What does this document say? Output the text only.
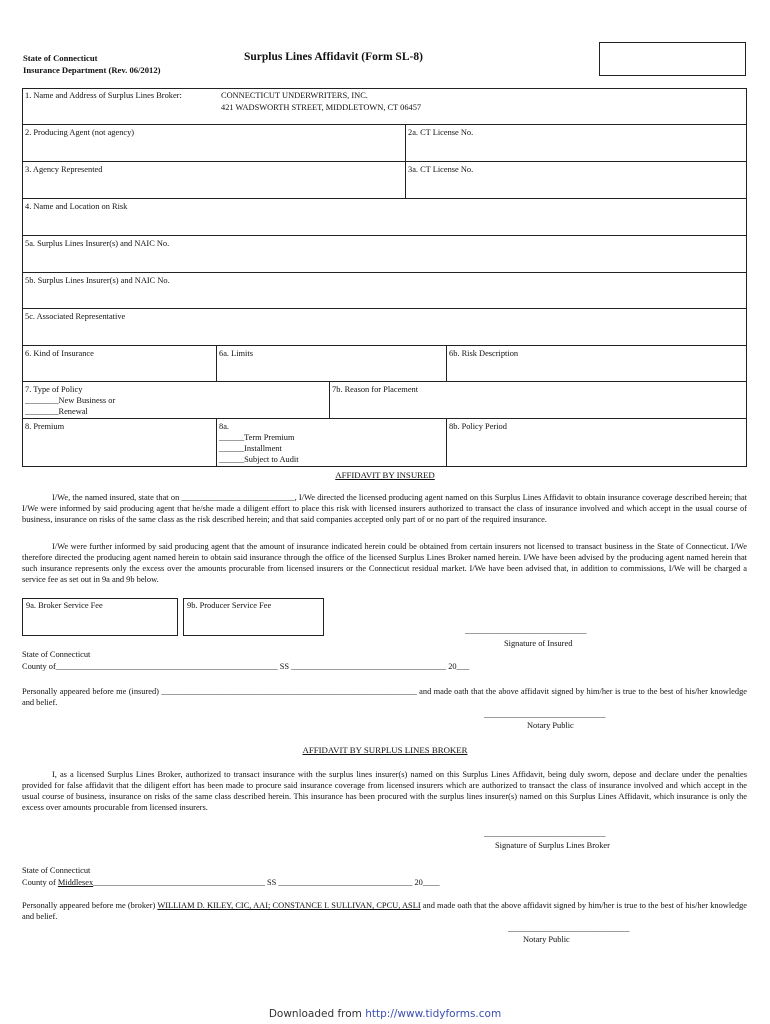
State of Connecticut
Insurance Department (Rev. 06/2012)
Surplus Lines Affidavit (Form SL-8)
1. Name and Address of Surplus Lines Broker:	CONNECTICUT UNDERWRITERS, INC.
421 WADSWORTH STREET, MIDDLETOWN, CT 06457
2. Producing Agent (not agency)	2a. CT License No.
3. Agency Represented	3a. CT License No.
4. Name and Location on Risk
5a. Surplus Lines Insurer(s) and NAIC No.
5b. Surplus Lines Insurer(s) and NAIC No.
5c. Associated Representative
6. Kind of Insurance	6a. Limits	6b. Risk Description
7. Type of Policy
________New Business or
________Renewal
7b. Reason for Placement
8. Premium	8a.
______Term Premium
______Installment
______Subject to Audit
8b. Policy Period
AFFIDAVIT BY INSURED
I/We, the named insured, state that on ___________________________, I/We directed the licensed producing agent named on this Surplus Lines Affidavit to obtain insurance coverage described herein; that I/We were informed by said producing agent that he/she made a diligent effort to place this risk with licensed insurers authorized to transact the class of insurance involved and which accept in the usual course of business, insurance on risks of the same class as the risk described herein; and that said companies accepted only part of or no part of the required insurance.
I/We were further informed by said producing agent that the amount of insurance indicated herein could be obtained from certain insurers not licensed to transact business in the State of Connecticut. I/We therefore directed the producing agent named herein to obtain said insurance through the office of the licensed Surplus Lines Broker named herein. I/We have been advised by the producing agent named herein that such insurance represents only the excess over the amounts procurable from licensed insurers or the Connecticut residual market. I/We have been advised that, in addition to commissions, I/We will be charged a service fee as set out in 9a and 9b below.
9a. Broker Service Fee	9b. Producer Service Fee
_____________________________
Signature of Insured
State of Connecticut
County of_____________________________________________________ SS _____________________________________ 20___
Personally appeared before me (insured) _____________________________________________________________ and made oath that the above affidavit signed by him/her is true to the best of his/her knowledge and belief.
_____________________________
Notary Public
AFFIDAVIT BY SURPLUS LINES BROKER
I, as a licensed Surplus Lines Broker, authorized to transact insurance with the surplus lines insurer(s) named on this Surplus Lines Affidavit, being duly sworn, depose and declare under the penalties provided for false affidavit that the diligent effort has been made to procure said insurance coverage from licensed insurers which are authorized to transact the class of insurance involved and which accept in the usual course of business, insurance on risks of the same class described herein. This insurance has been procured with the surplus lines insurer(s) named on this Surplus Lines Affidavit, which insurance is only the excess over amounts procurable from licensed insurers.
_____________________________
Signature of Surplus Lines Broker
State of Connecticut
County of Middlesex_________________________________________ SS ________________________________ 20____
Personally appeared before me (broker) WILLIAM D. KILEY, CIC, AAI; CONSTANCE I. SULLIVAN, CPCU, ASLI and made oath that the above affidavit signed by him/her is true to the best of his/her knowledge and belief.
_____________________________
Notary Public
Downloaded from http://www.tidyforms.com
